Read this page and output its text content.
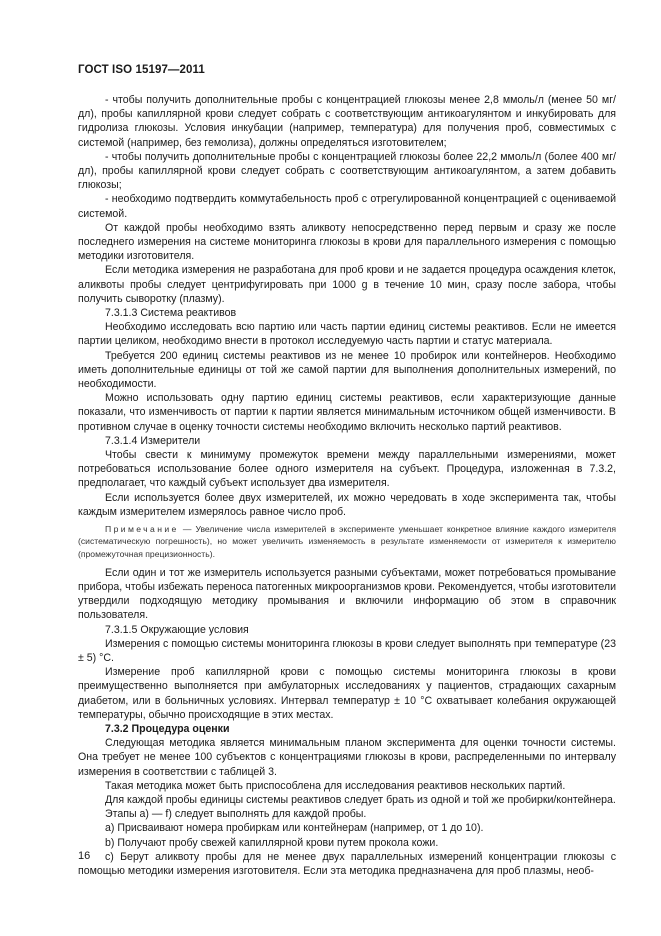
ГОСТ ISO 15197—2011

- чтобы получить дополнительные пробы с концентрацией глюкозы менее 2,8 ммоль/л (менее 50 мг/дл), пробы капиллярной крови следует собрать с соответствующим антикоагулянтом и инкубировать для гидролиза глюкозы. Условия инкубации (например, температура) для получения проб, совместимых с системой (например, без гемолиза), должны определяться изготовителем;

- чтобы получить дополнительные пробы с концентрацией глюкозы более 22,2 ммоль/л (более 400 мг/дл), пробы капиллярной крови следует собрать с соответствующим антикоагулянтом, а затем добавить глюкозы;

- необходимо подтвердить коммутабельность проб с отрегулированной концентрацией с оцениваемой системой.

От каждой пробы необходимо взять аликвоту непосредственно перед первым и сразу же после последнего измерения на системе мониторинга глюкозы в крови для параллельного измерения с помощью методики изготовителя.

Если методика измерения не разработана для проб крови и не задается процедура осаждения клеток, аликвоты пробы следует центрифугировать при 1000 g в течение 10 мин, сразу после забора, чтобы получить сыворотку (плазму).

7.3.1.3 Система реактивов

Необходимо исследовать всю партию или часть партии единиц системы реактивов. Если не имеется партии целиком, необходимо внести в протокол исследуемую часть партии и статус материала.

Требуется 200 единиц системы реактивов из не менее 10 пробирок или контейнеров. Необходимо иметь дополнительные единицы от той же самой партии для выполнения дополнительных измерений, по необходимости.

Можно использовать одну партию единиц системы реактивов, если характеризующие данные показали, что изменчивость от партии к партии является минимальным источником общей изменчивости. В противном случае в оценку точности системы необходимо включить несколько партий реактивов.

7.3.1.4 Измерители

Чтобы свести к минимуму промежуток времени между параллельными измерениями, может потребоваться использование более одного измерителя на субъект. Процедура, изложенная в 7.3.2, предполагает, что каждый субъект использует два измерителя.

Если используется более двух измерителей, их можно чередовать в ходе эксперимента так, чтобы каждым измерителем измерялось равное число проб.

Примечание — Увеличение числа измерителей в эксперименте уменьшает конкретное влияние каждого измерителя (систематическую погрешность), но может увеличить изменяемость в результате изменяемости от измерителя к измерителю (промежуточная прецизионность).

Если один и тот же измеритель используется разными субъектами, может потребоваться промывание прибора, чтобы избежать переноса патогенных микроорганизмов крови. Рекомендуется, чтобы изготовители утвердили подходящую методику промывания и включили информацию об этом в справочник пользователя.

7.3.1.5 Окружающие условия

Измерения с помощью системы мониторинга глюкозы в крови следует выполнять при температуре (23 ± 5) °С.

Измерение проб капиллярной крови с помощью системы мониторинга глюкозы в крови преимущественно выполняется при амбулаторных исследованиях у пациентов, страдающих сахарным диабетом, или в больничных условиях. Интервал температур ± 10 °С охватывает колебания окружающей температуры, обычно происходящие в этих местах.

7.3.2 Процедура оценки

Следующая методика является минимальным планом эксперимента для оценки точности системы. Она требует не менее 100 субъектов с концентрациями глюкозы в крови, распределенными по интервалу измерения в соответствии с таблицей 3.

Такая методика может быть приспособлена для исследования реактивов нескольких партий.

Для каждой пробы единицы системы реактивов следует брать из одной и той же пробирки/контейнера.

Этапы а) — f) следует выполнять для каждой пробы.

а) Присваивают номера пробиркам или контейнерам (например, от 1 до 10).

b) Получают пробу свежей капиллярной крови путем прокола кожи.

с) Берут аликвоту пробы для не менее двух параллельных измерений концентрации глюкозы с помощью методики измерения изготовителя. Если эта методика предназначена для проб плазмы, необ-

16
